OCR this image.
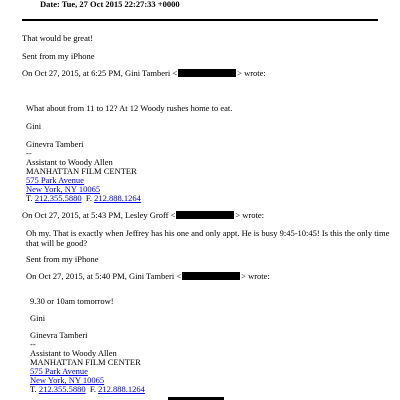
Date: Tue, 27 Oct 2015 22:27:33 +0000
That would be great!
Sent from my iPhone
On Oct 27, 2015, at 6:25 PM, Gini Tamberi <	> wrote:
What about from 11 to 12? At 12 Woody rushes home to eat.
Gini
Ginevra Tamberi
--
Assistant to Woody Allen
MANHATTAN FILM CENTER
575 Park Avenue
New York, NY 10065
T. 212.355.5880  F. 212.888.1264
On Oct 27, 2015, at 5:43 PM, Lesley Groff <	> wrote:
Oh my. That is exactly when Jeffrey has his one and only appt. He is busy 9:45-10:45! Is this the only time
that will be good?
Sent from my iPhone
On Oct 27, 2015, at 5:40 PM, Gini Tamberi <	> wrote:
9.30 or 10am tomorrow!
Gini
Ginevra Tamberi
--
Assistant to Woody Allen
MANHATTAN FILM CENTER
575 Park Avenue
New York, NY 10065
T. 212.355.5880  F. 212.888.1264
